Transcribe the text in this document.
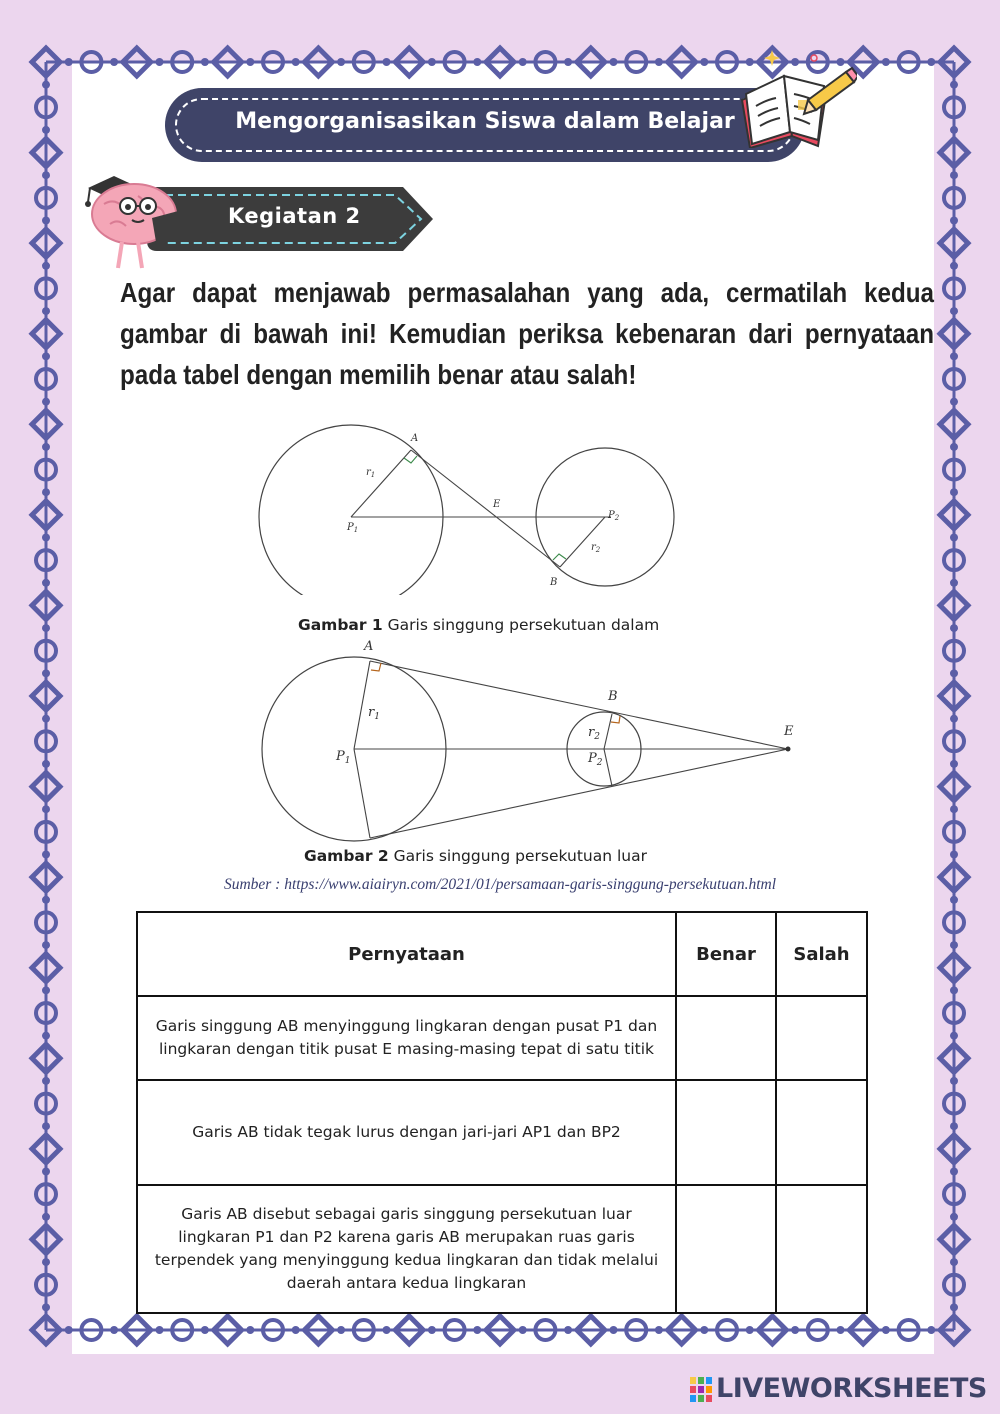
Mengorganisasikan Siswa dalam Belajar
Kegiatan 2
Agar dapat menjawab permasalahan yang ada, cermatilah kedua gambar di bawah ini! Kemudian periksa kebenaran dari pernyataan pada tabel dengan memilih benar atau salah!
A
B
E
$P_1$
$P_2$
$r_1$
$r_2$
Gambar 1 Garis singgung persekutuan dalam
A
B
E
$P_1$	$P_2$
$r_1$
$r_2$
Gambar 2 Garis singgung persekutuan luar
Sumber : https://www.aiairyn.com/2021/01/persamaan-garis-singgung-persekutuan.html
Pernyataan	Benar	Salah
Garis singgung AB menyinggung lingkaran dengan pusat P1 dan lingkaran dengan titik pusat E masing-masing tepat di satu titik		
Garis AB tidak tegak lurus dengan jari-jari AP1 dan BP2		
Garis AB disebut sebagai garis singgung persekutuan luar lingkaran P1 dan P2 karena garis AB merupakan ruas garis terpendek yang menyinggung kedua lingkaran dan tidak melalui daerah antara kedua lingkaran		
LIVEWORKSHEETS
